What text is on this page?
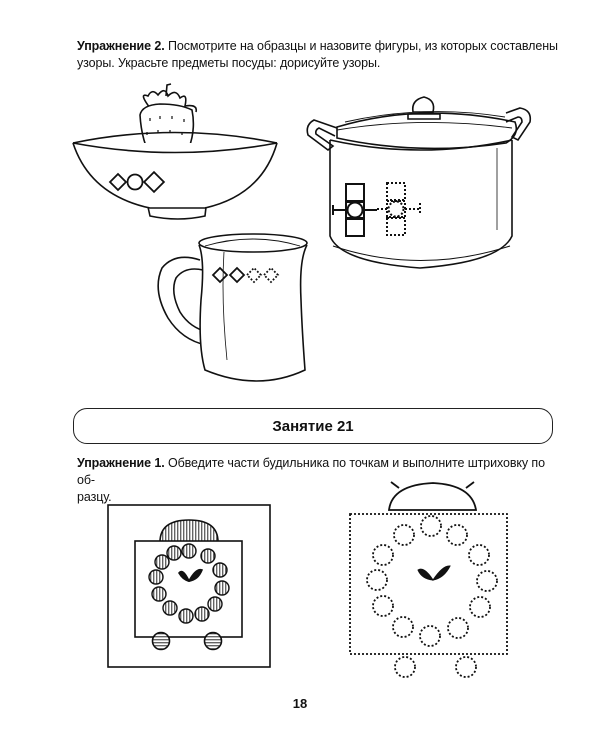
Упражнение 2. Посмотрите на образцы и назовите фигуры, из которых составлены
узоры. Украсьте предметы посуды: дорисуйте узоры.
Занятие 21
Упражнение 1. Обведите части будильника по точкам и выполните штриховку по об-
разцу.
18
